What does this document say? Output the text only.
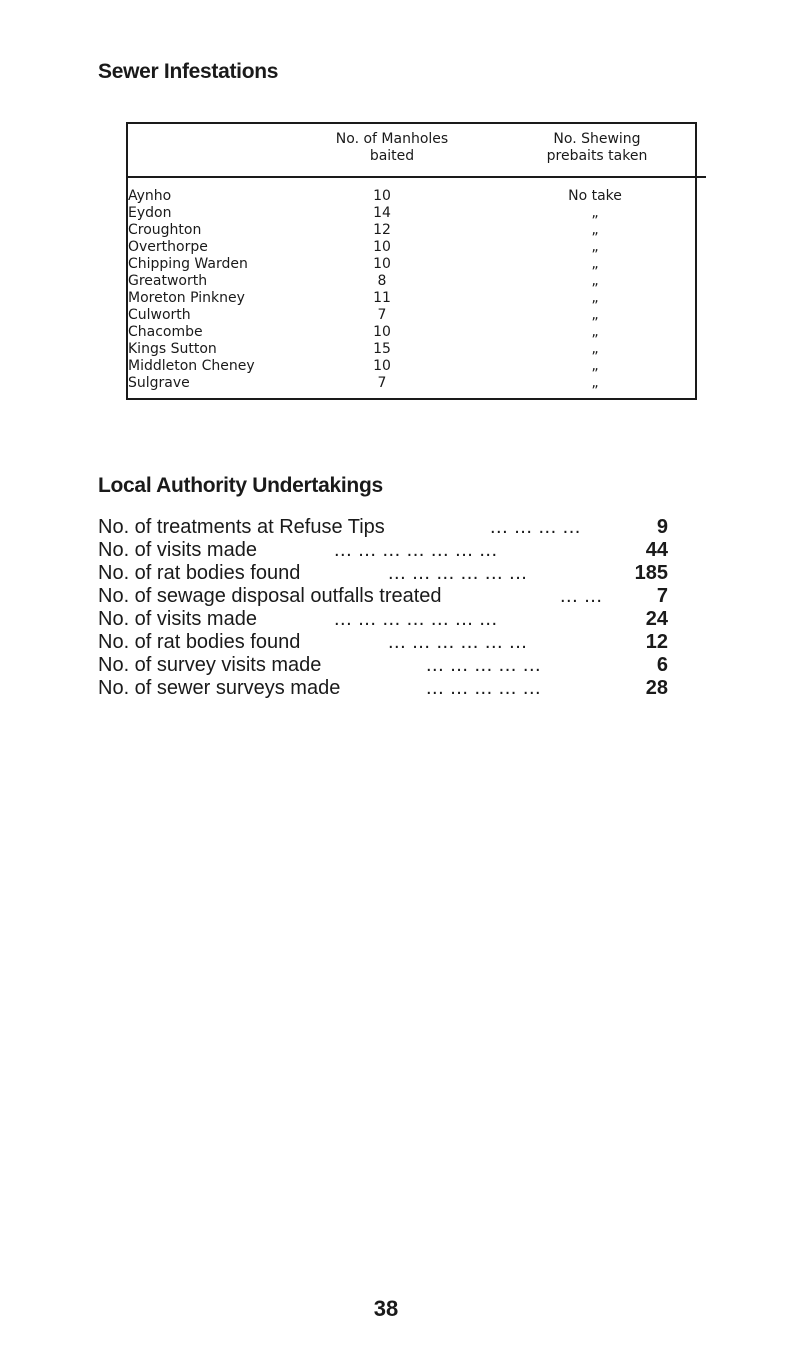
Sewer Infestations
No. of Manholes
baited
No. Shewing
prebaits taken
Aynho	10	No take
Eydon	14	„
Croughton	12	„
Overthorpe	10	„
Chipping Warden	10	„
Greatworth	8	„
Moreton Pinkney	11	„
Culworth	7	„
Chacombe	10	„
Kings Sutton	15	„
Middleton Cheney	10	„
Sulgrave	7	„
Local Authority Undertakings
No. of treatments at Refuse Tips	... ... ... ...	9
No. of visits made	... ... ... ... ... ... ...	44
No. of rat bodies found	... ... ... ... ... ...	185
No. of sewage disposal outfalls treated	... ...	7
No. of visits made	... ... ... ... ... ... ...	24
No. of rat bodies found	... ... ... ... ... ...	12
No. of survey visits made	... ... ... ... ...	6
No. of sewer surveys made	... ... ... ... ...	28
38
